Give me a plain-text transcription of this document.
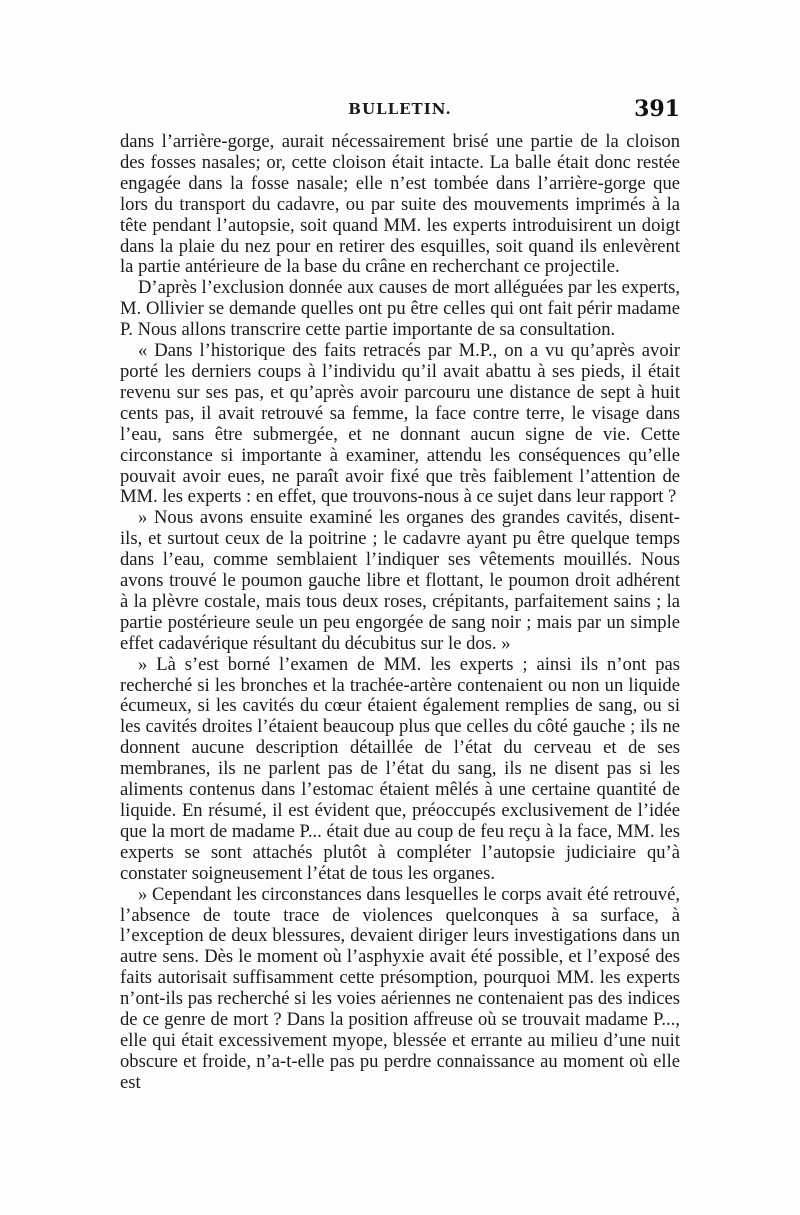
BULLETIN.	391

dans l’arrière-gorge, aurait nécessairement brisé une partie de la cloison des fosses nasales; or, cette cloison était intacte. La balle était donc restée engagée dans la fosse nasale; elle n’est tombée dans l’arrière-gorge que lors du transport du cadavre, ou par suite des mouvements imprimés à la tête pendant l’autopsie, soit quand MM. les experts introduisirent un doigt dans la plaie du nez pour en retirer des esquilles, soit quand ils enlevèrent la partie antérieure de la base du crâne en recherchant ce projectile.

D’après l’exclusion donnée aux causes de mort alléguées par les experts, M. Ollivier se demande quelles ont pu être celles qui ont fait périr madame P. Nous allons transcrire cette partie importante de sa consultation.

« Dans l’historique des faits retracés par M.P., on a vu qu’après avoir porté les derniers coups à l’individu qu’il avait abattu à ses pieds, il était revenu sur ses pas, et qu’après avoir parcouru une distance de sept à huit cents pas, il avait retrouvé sa femme, la face contre terre, le visage dans l’eau, sans être submergée, et ne donnant aucun signe de vie. Cette circonstance si importante à examiner, attendu les conséquences qu’elle pouvait avoir eues, ne paraît avoir fixé que très faiblement l’attention de MM. les experts : en effet, que trouvons-nous à ce sujet dans leur rapport ?

» Nous avons ensuite examiné les organes des grandes cavités, disent-ils, et surtout ceux de la poitrine ; le cadavre ayant pu être quelque temps dans l’eau, comme semblaient l’indiquer ses vêtements mouillés. Nous avons trouvé le poumon gauche libre et flottant, le poumon droit adhérent à la plèvre costale, mais tous deux roses, crépitants, parfaitement sains ; la partie postérieure seule un peu engorgée de sang noir ; mais par un simple effet cadavérique résultant du décubitus sur le dos. »

» Là s’est borné l’examen de MM. les experts ; ainsi ils n’ont pas recherché si les bronches et la trachée-artère contenaient ou non un liquide écumeux, si les cavités du cœur étaient également remplies de sang, ou si les cavités droites l’étaient beaucoup plus que celles du côté gauche ; ils ne donnent aucune description détaillée de l’état du cerveau et de ses membranes, ils ne parlent pas de l’état du sang, ils ne disent pas si les aliments contenus dans l’estomac étaient mêlés à une certaine quantité de liquide. En résumé, il est évident que, préoccupés exclusivement de l’idée que la mort de madame P... était due au coup de feu reçu à la face, MM. les experts se sont attachés plutôt à compléter l’autopsie judiciaire qu’à constater soigneusement l’état de tous les organes.

» Cependant les circonstances dans lesquelles le corps avait été retrouvé, l’absence de toute trace de violences quelconques à sa surface, à l’exception de deux blessures, devaient diriger leurs investigations dans un autre sens. Dès le moment où l’asphyxie avait été possible, et l’exposé des faits autorisait suffisamment cette présomption, pourquoi MM. les experts n’ont-ils pas recherché si les voies aériennes ne contenaient pas des indices de ce genre de mort ? Dans la position affreuse où se trouvait madame P..., elle qui était excessivement myope, blessée et errante au milieu d’une nuit obscure et froide, n’a-t-elle pas pu perdre connaissance au moment où elle est
